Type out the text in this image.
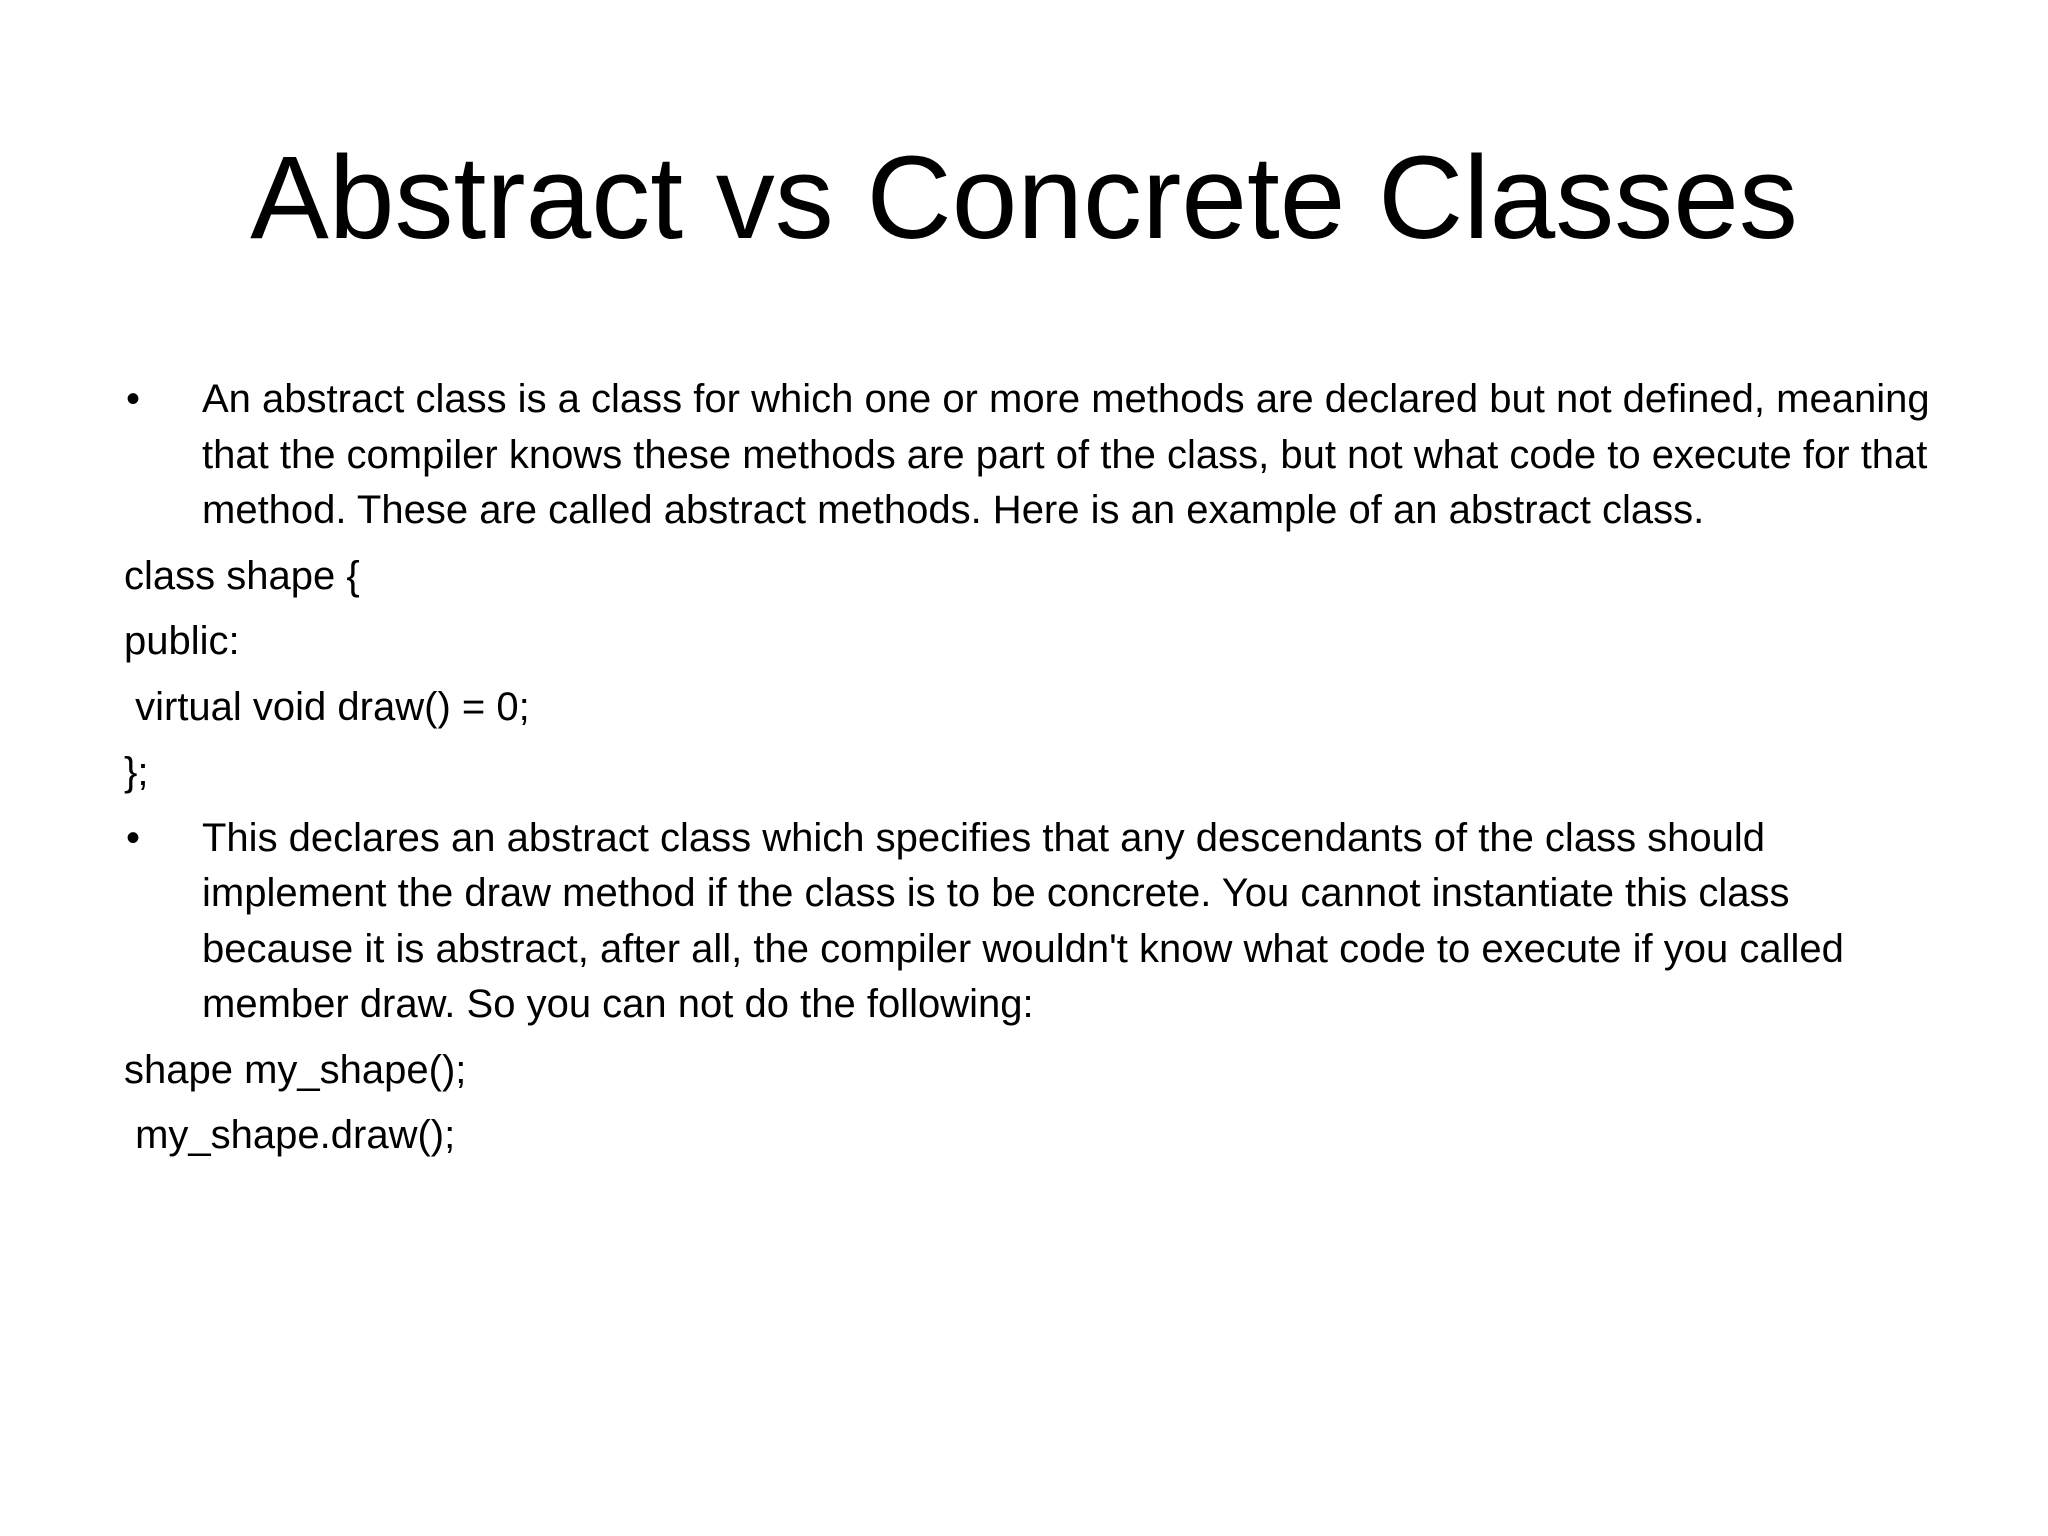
Abstract vs Concrete Classes
•	An abstract class is a class for which one or more methods are declared but not defined, meaning that the compiler knows these methods are part of the class, but not what code to execute for that method. These are called abstract methods. Here is an example of an abstract class.
class shape {
public:
virtual void draw() = 0;
};
•	This declares an abstract class which specifies that any descendants of the class should implement the draw method if the class is to be concrete. You cannot instantiate this class because it is abstract, after all, the compiler wouldn't know what code to execute if you called member draw. So you can not do the following:
shape my_shape();
my_shape.draw();
